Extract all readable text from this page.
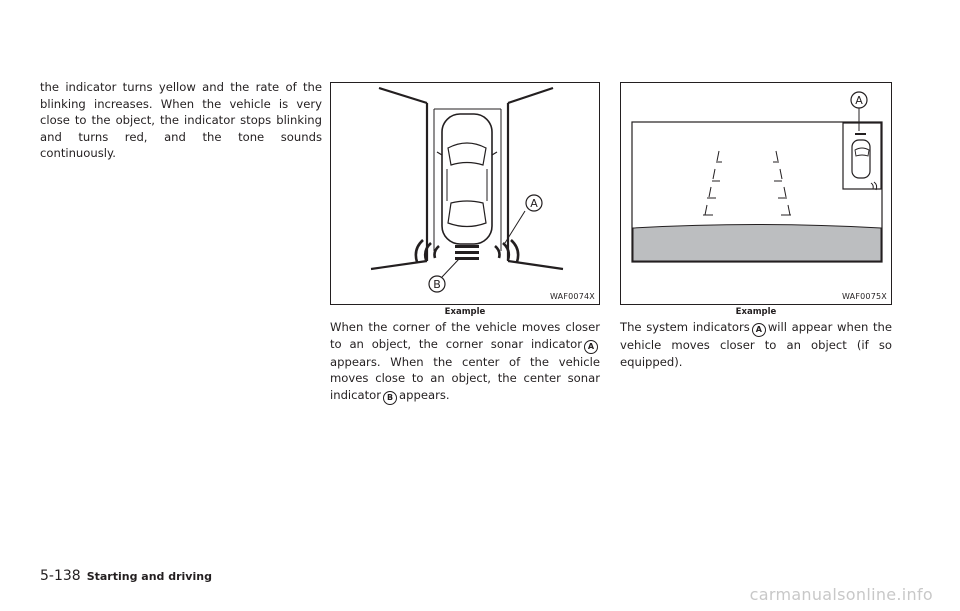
the indicator turns yellow and the rate of the blinking increases. When the vehicle is very close to the object, the indicator stops blinking and turns red, and the tone sounds continuously.

A
B
WAF0074X
Example
A
WAF0075X
Example

When the corner of the vehicle moves closer to an object, the corner sonar indicator Aappears. When the center of the vehicle moves close to an object, the center sonar indicator B appears.

The system indicators A will appear when the vehicle moves closer to an object (if so equipped).

5-138 Starting and driving
carmanualsonline.info
